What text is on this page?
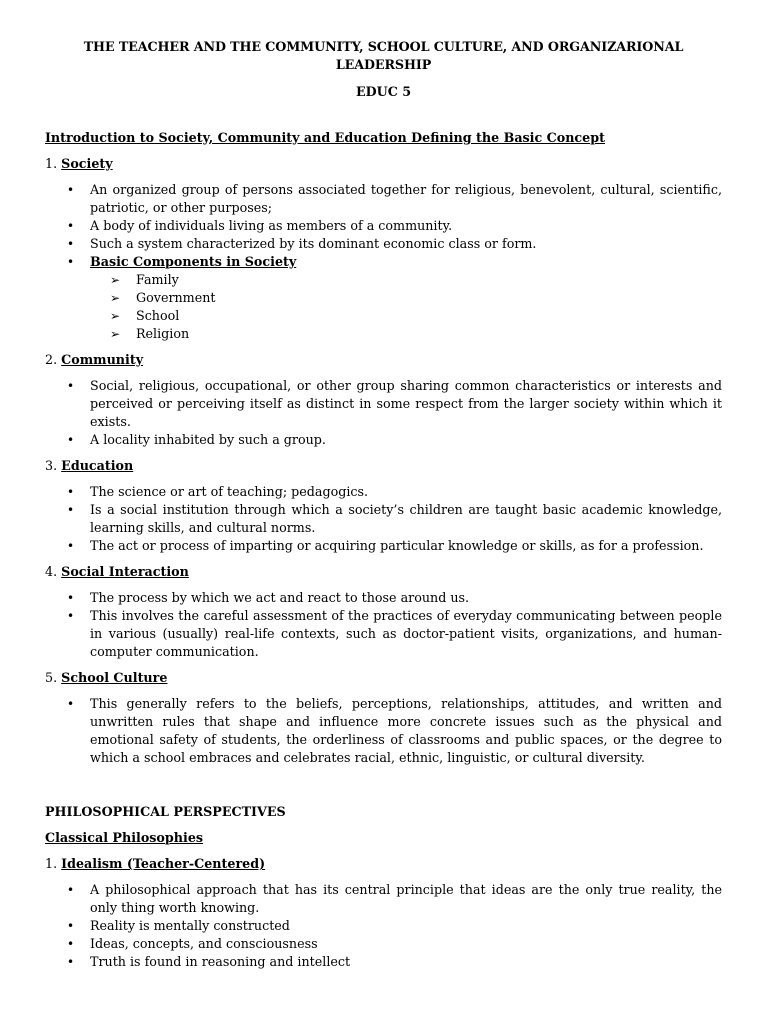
THE TEACHER AND THE COMMUNITY, SCHOOL CULTURE, AND ORGANIZARIONAL LEADERSHIP

EDUC 5

Introduction to Society, Community and Education Defining the Basic Concept

1. Society

• An organized group of persons associated together for religious, benevolent, cultural, scientific, patriotic, or other purposes;
• A body of individuals living as members of a community.
• Such a system characterized by its dominant economic class or form.
• Basic Components in Society
➢ Family
➢ Government
➢ School
➢ Religion

2. Community

• Social, religious, occupational, or other group sharing common characteristics or interests and perceived or perceiving itself as distinct in some respect from the larger society within which it exists.
• A locality inhabited by such a group.

3. Education

• The science or art of teaching; pedagogics.
• Is a social institution through which a society’s children are taught basic academic knowledge, learning skills, and cultural norms.
• The act or process of imparting or acquiring particular knowledge or skills, as for a profession.

4. Social Interaction

• The process by which we act and react to those around us.
• This involves the careful assessment of the practices of everyday communicating between people in various (usually) real-life contexts, such as doctor-patient visits, organizations, and human-computer communication.

5. School Culture

• This generally refers to the beliefs, perceptions, relationships, attitudes, and written and unwritten rules that shape and influence more concrete issues such as the physical and emotional safety of students, the orderliness of classrooms and public spaces, or the degree to which a school embraces and celebrates racial, ethnic, linguistic, or cultural diversity.

PHILOSOPHICAL PERSPECTIVES

Classical Philosophies

1. Idealism (Teacher-Centered)

• A philosophical approach that has its central principle that ideas are the only true reality, the only thing worth knowing.
• Reality is mentally constructed
• Ideas, concepts, and consciousness
• Truth is found in reasoning and intellect
